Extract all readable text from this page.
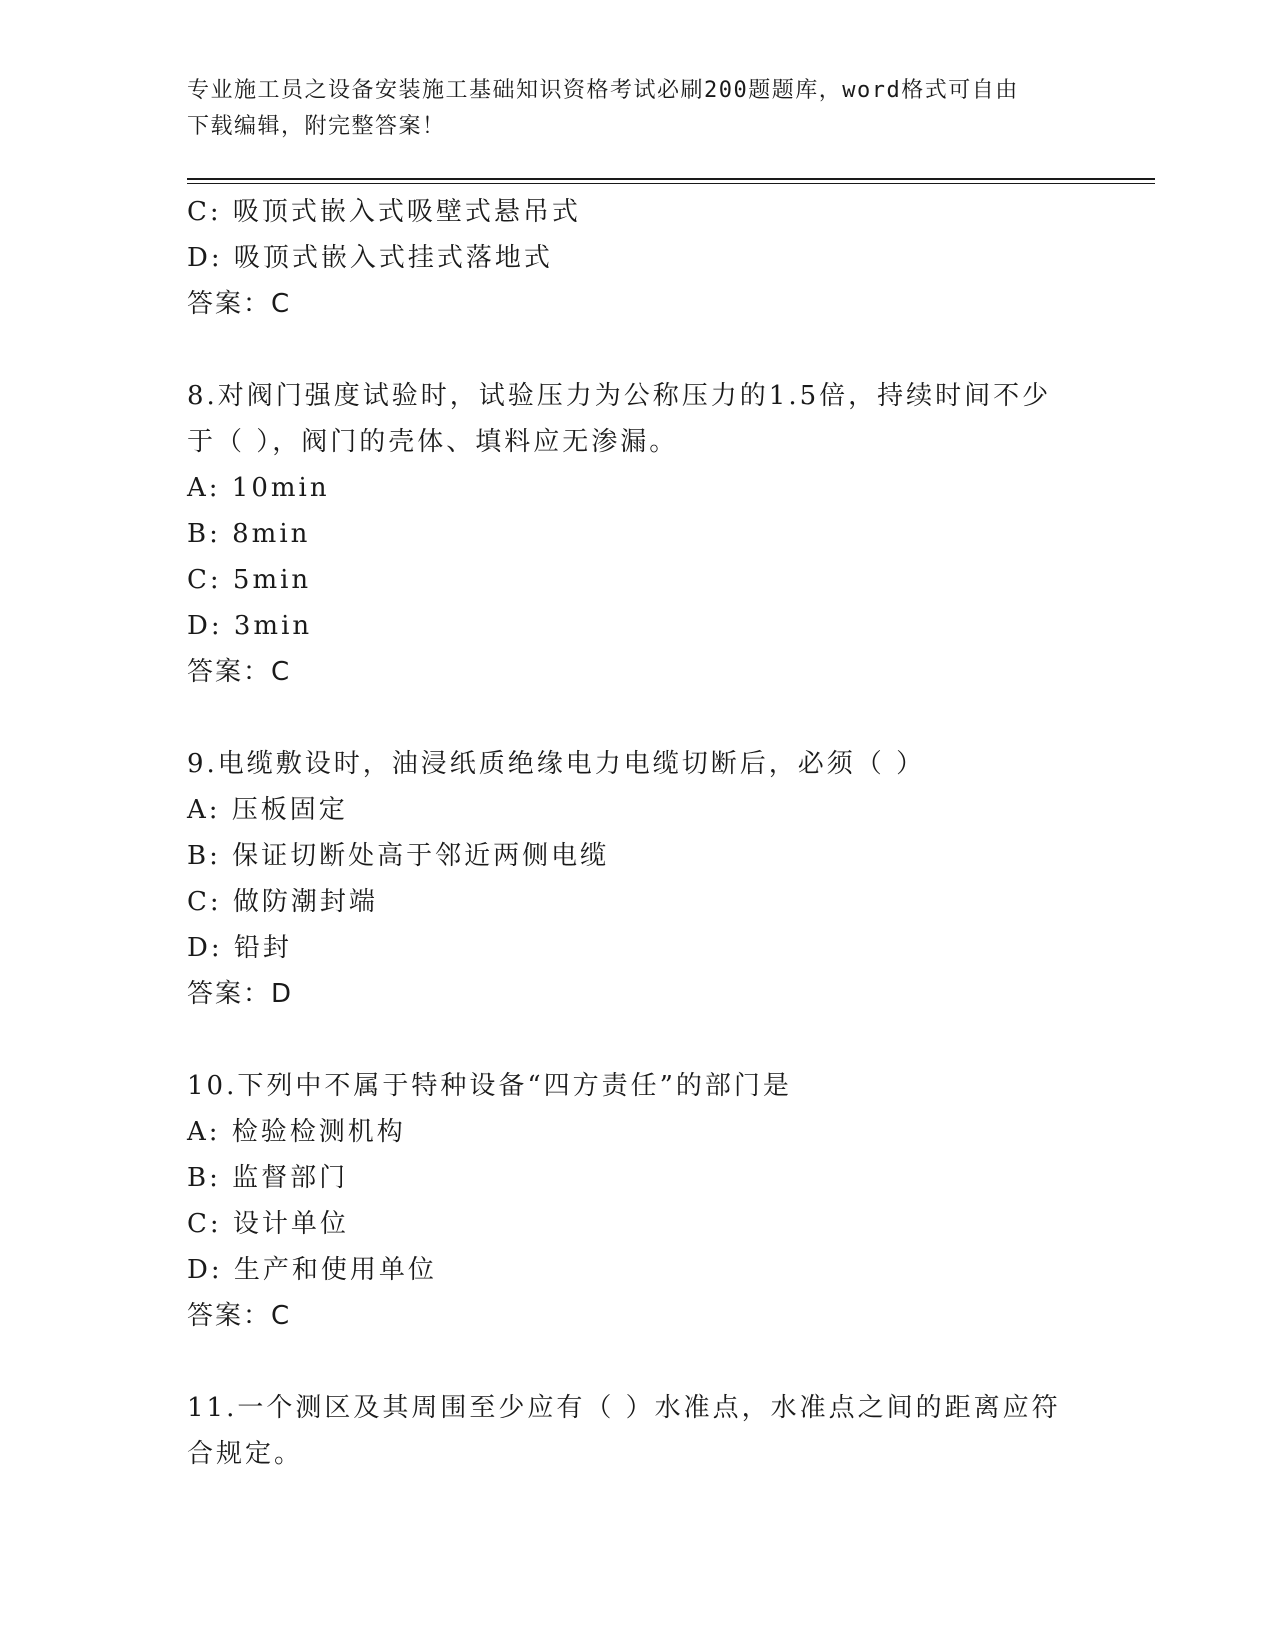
专业施工员之设备安装施工基础知识资格考试必刷200题题库，word格式可自由
下载编辑，附完整答案！
C: 吸顶式嵌入式吸壁式悬吊式
D: 吸顶式嵌入式挂式落地式
答案：C
8.对阀门强度试验时，试验压力为公称压力的1.5倍，持续时间不少
于（ ），阀门的壳体、填料应无渗漏。
A: 10min
B: 8min
C: 5min
D: 3min
答案：C
9.电缆敷设时，油浸纸质绝缘电力电缆切断后，必须（ ）
A: 压板固定
B: 保证切断处高于邻近两侧电缆
C: 做防潮封端
D: 铅封
答案：D
10.下列中不属于特种设备“四方责任”的部门是
A: 检验检测机构
B: 监督部门
C: 设计单位
D: 生产和使用单位
答案：C
11.一个测区及其周围至少应有（ ）水准点，水准点之间的距离应符
合规定。
